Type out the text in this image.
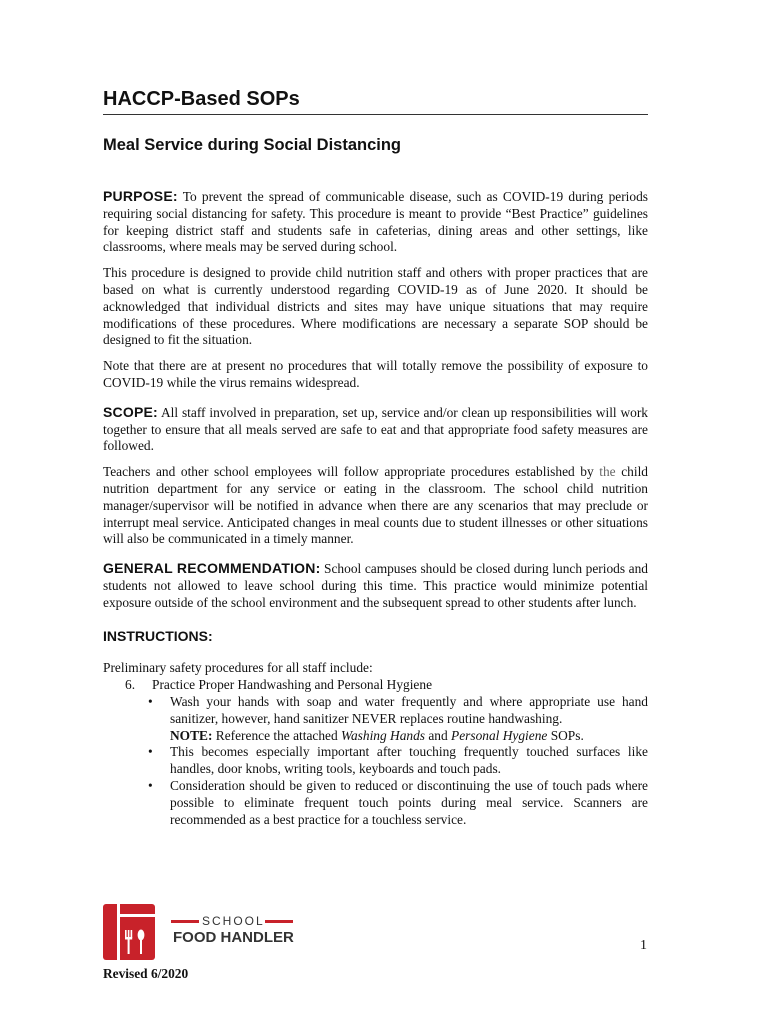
HACCP-Based SOPs
Meal Service during Social Distancing

PURPOSE: To prevent the spread of communicable disease, such as COVID-19 during periods requiring social distancing for safety. This procedure is meant to provide “Best Practice” guidelines for keeping district staff and students safe in cafeterias, dining areas and other settings, like classrooms, where meals may be served during school.

This procedure is designed to provide child nutrition staff and others with proper practices that are based on what is currently understood regarding COVID-19 as of June 2020. It should be acknowledged that individual districts and sites may have unique situations that may require modifications of these procedures. Where modifications are necessary a separate SOP should be designed to fit the situation.

Note that there are at present no procedures that will totally remove the possibility of exposure to COVID-19 while the virus remains widespread.

SCOPE: All staff involved in preparation, set up, service and/or clean up responsibilities will work together to ensure that all meals served are safe to eat and that appropriate food safety measures are followed.

Teachers and other school employees will follow appropriate procedures established by the child nutrition department for any service or eating in the classroom. The school child nutrition manager/supervisor will be notified in advance when there are any scenarios that may preclude or interrupt meal service. Anticipated changes in meal counts due to student illnesses or other situations will also be communicated in a timely manner.

GENERAL RECOMMENDATION: School campuses should be closed during lunch periods and students not allowed to leave school during this time. This practice would minimize potential exposure outside of the school environment and the subsequent spread to other students after lunch.

INSTRUCTIONS:

Preliminary safety procedures for all staff include:

6. Practice Proper Handwashing and Personal Hygiene
• Wash your hands with soap and water frequently and where appropriate use hand sanitizer, however, hand sanitizer NEVER replaces routine handwashing.
NOTE: Reference the attached Washing Hands and Personal Hygiene SOPs.
• This becomes especially important after touching frequently touched surfaces like handles, door knobs, writing tools, keyboards and touch pads.
• Consideration should be given to reduced or discontinuing the use of touch pads where possible to eliminate frequent touch points during meal service. Scanners are recommended as a best practice for a touchless service.
SCHOOL
FOOD HANDLER	1
Revised 6/2020
